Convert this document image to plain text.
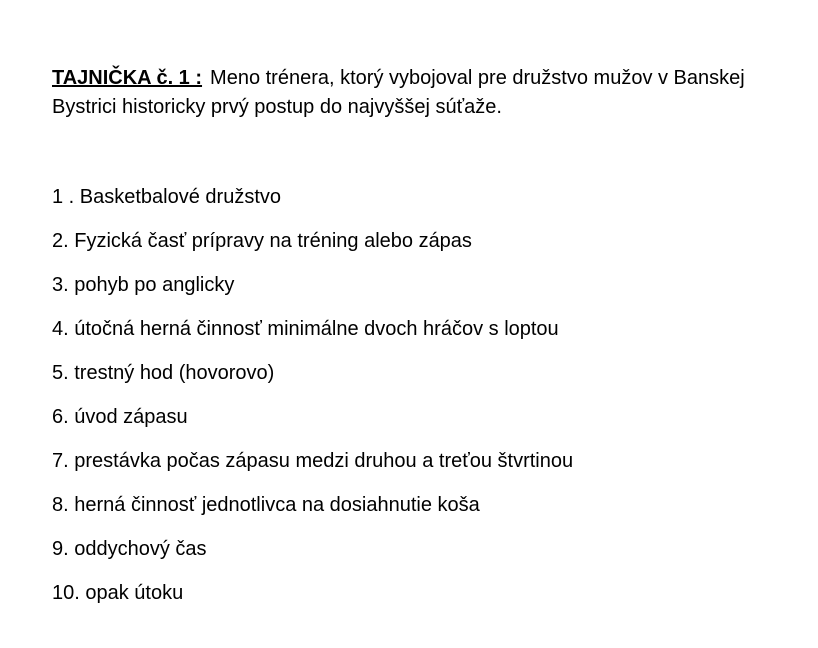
TAJNIČKA č. 1 : Meno trénera, ktorý vybojoval pre družstvo mužov v Banskej Bystrici historicky prvý postup do najvyššej súťaže.

1 . Basketbalové družstvo
2. Fyzická časť prípravy na tréning alebo zápas
3. pohyb po anglicky
4. útočná herná činnosť minimálne dvoch hráčov s loptou
5. trestný hod (hovorovo)
6. úvod zápasu
7. prestávka počas zápasu medzi druhou a treťou štvrtinou
8. herná činnosť jednotlivca na dosiahnutie koša
9. oddychový čas
10. opak útoku
